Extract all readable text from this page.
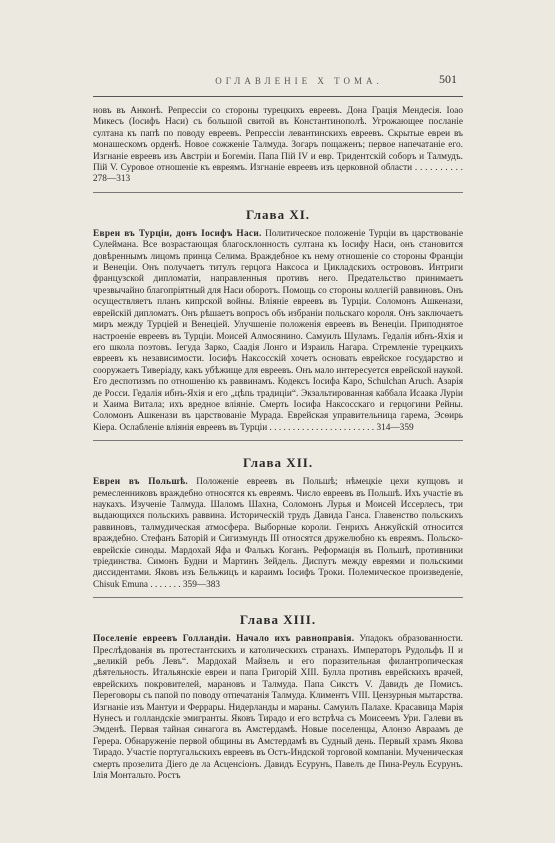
ОГЛАВЛЕНІЕ X ТОМА.	501

новъ въ Анконѣ. Репрессіи со стороны турецкихъ евреевъ. Дона Грація Мендесія. Іоао Микесъ (Іосифъ Наси) съ большой свитой въ Константинополѣ. Угрожающее посланіе султана къ папѣ по поводу евреевъ. Репрессіи левантинскихъ евреевъ. Скрытые евреи въ монашескомъ орденѣ. Новое сожженіе Талмуда. Зогаръ пощаженъ; первое напечатаніе его. Изгнаніе евреевъ изъ Австріи и Богеміи. Папа Пій IV и евр. Тридентскій соборъ и Талмудъ. Пій V. Суровое отношеніе къ евреямъ. Изгнаніе евреевъ изъ церковной области . . . . . . . . . . 278—313

Глава XI.

Евреи въ Турціи, донъ Іосифъ Наси. Политическое положеніе Турціи въ царствованіе Сулеймана. Все возрастающая благосклонность султана къ Іосифу Наси, онъ становится довѣреннымъ лицомъ принца Селима. Враждебное къ нему отношеніе со стороны Франціи и Венеціи. Онъ получаетъ титулъ герцога Наксоса и Цикладскихъ острововъ. Интриги французской дипломатіи, направленныя противъ него. Предательство принимаетъ чрезвычайно благопріятный для Наси оборотъ. Помощь со стороны коллегій раввиновъ. Онъ осуществляетъ планъ кипрской войны. Вліяніе евреевъ въ Турціи. Соломонъ Ашкенази, еврейскій дипломатъ. Онъ рѣшаетъ вопросъ объ избраніи польскаго короля. Онъ заключаетъ миръ между Турціей и Венеціей. Улучшеніе положенія евреевъ въ Венеціи. Приподнятое настроеніе евреевъ въ Турціи. Моисей Алмосянино. Самуилъ Шуламъ. Гедалія ибнъ-Яхія и его школа поэтовъ. Іегуда Зарко, Саадія Лонго и Израиль Нагара. Стремленіе турецкихъ евреевъ къ независимости. Іосифъ Наксосскій хочетъ основать еврейское государство и сооружаетъ Тиверіаду, какъ убѣжище для евреевъ. Онъ мало интересуется еврейской наукой. Его деспотизмъ по отношенію къ раввинамъ. Кодексъ Іосифа Каро, Schulchan Aruch. Азарія де Росси. Гедалія ибнъ-Яхія и его „цѣпь традиціи“. Экзальтированная каббала Исаака Луріи и Хаима Витала; ихъ вредное вліяніе. Смерть Іосифа Наксосскаго и герцогини Рейны. Соломонъ Ашкенази въ царствованіе Мурада. Еврейская управительница гарема, Эсѳирь Кіера. Ослабленіе вліянія евреевъ въ Турціи . . . . . . . . . . . . . . . . . . . . . . . 314—359

Глава XII.

Евреи въ Польшѣ. Положеніе евреевъ въ Польшѣ; нѣмецкіе цехи купцовъ и ремесленниковъ враждебно относятся къ евреямъ. Число евреевъ въ Польшѣ. Ихъ участіе въ наукахъ. Изученіе Талмуда. Шаломъ Шахна, Соломонъ Лурья и Моисей Иссерлесъ, три выдающихся польскихъ раввина. Историческій трудъ Давида Ганса. Главенство польскихъ раввиновъ, талмудическая атмосфера. Выборные короли. Генрихъ Анжуйскій относится враждебно. Стефанъ Баторій и Сигизмундъ III относятся дружелюбно къ евреямъ. Польско-еврейскіе синоды. Мардохай Яфа и Фалькъ Коганъ. Реформація въ Польшѣ, противники тріединства. Симонъ Будни и Мартинъ Зейдель. Диспутъ между евреями и польскими диссидентами. Яковъ изъ Бельжицъ и караимъ Іосифъ Троки. Полемическое произведеніе, Chisuk Emuna . . . . . . . 359—383

Глава XIII.

Поселеніе евреевъ Голландіи. Начало ихъ равноправія. Упадокъ образованности. Преслѣдованія въ протестантскихъ и католическихъ странахъ. Императоръ Рудольфъ II и „великій ребъ Левъ“. Мардохай Майзель и его поразительная филантропическая дѣятельность. Итальянскіе евреи и папа Григорій XIII. Булла противъ еврейскихъ врачей, еврейскихъ покровителей, марановъ и Талмуда. Папа Сикстъ V. Давидъ де Помисъ. Переговоры съ папой по поводу отпечатанія Талмуда. Климентъ VIII. Цензурныя мытарства. Изгнаніе изъ Мантуи и Феррары. Нидерланды и мараны. Самуилъ Палахе. Красавица Марія Нунесъ и голландскіе эмигранты. Яковъ Тирадо и его встрѣча съ Моисеемъ Ури. Галеви въ Эмденѣ. Первая тайная синагога въ Амстердамѣ. Новые поселенцы, Алонзо Авраамъ де Герера. Обнаруженіе первой общины въ Амстердамѣ въ Судный день. Первый храмъ Якова Тирадо. Участіе португальскихъ евреевъ въ Остъ-Индской торговой компаніи. Мученическая смерть прозелита Діего де ла Асценсіонъ. Давидъ Есурунъ, Павелъ де Пина-Реуль Есурунъ. Ілія Монтальто. Ростъ
